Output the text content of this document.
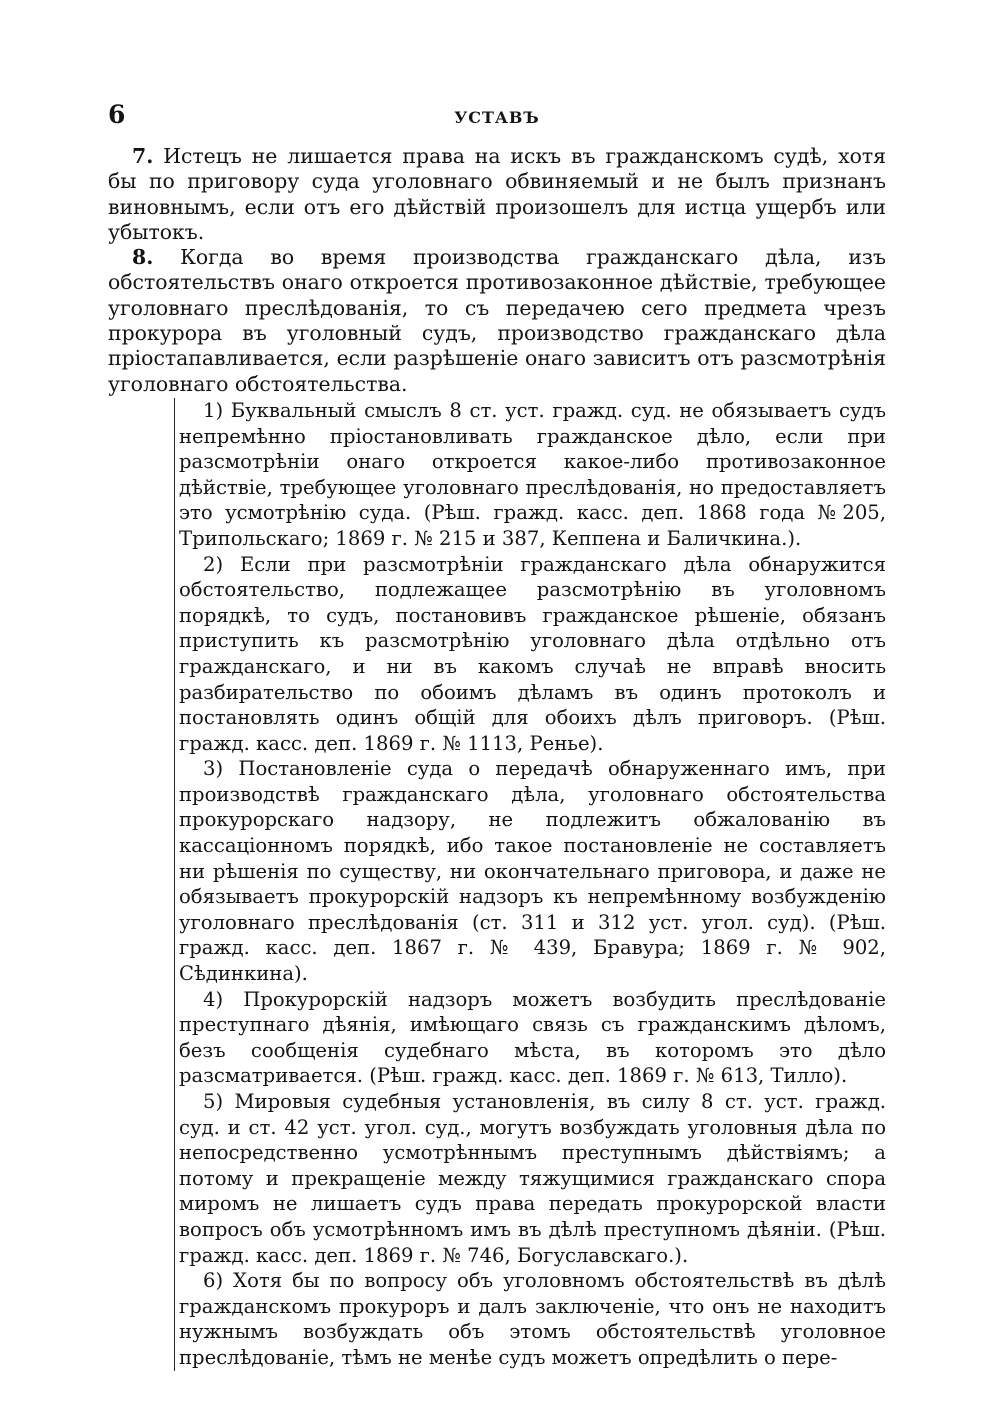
6	УСТАВЪ

7. Истецъ не лишается права на искъ въ гражданскомъ судѣ, хотя бы по приговору суда уголовнаго обвиняемый и не былъ признанъ виновнымъ, если отъ его дѣйствій произошелъ для истца ущербъ или убытокъ.

8. Когда во время производства гражданскаго дѣла, изъ обстоятельствъ онаго откроется противозаконное дѣйствіе, требующее уголовнаго преслѣдованія, то съ передачею сего предмета чрезъ прокурора въ уголовный судъ, производство гражданскаго дѣла пріостапавливается, если разрѣшеніе онаго зависитъ отъ разсмотрѣнія уголовнаго обстоятельства.

1) Буквальный смыслъ 8 ст. уст. гражд. суд. не обязываетъ судъ непремѣнно пріостановливать гражданское дѣло, если при разсмотрѣніи онаго откроется какое-либо противозаконное дѣйствіе, требующее уголовнаго преслѣдованія, но предоставляетъ это усмотрѣнію суда. (Рѣш. гражд. касс. деп. 1868 года №205, Трипольскаго; 1869 г. № 215 и 387, Кеппена и Баличкина.).

2) Если при разсмотрѣніи гражданскаго дѣла обнаружится обстоятельство, подлежащее разсмотрѣнію въ уголовномъ порядкѣ, то судъ, постановивъ гражданское рѣшеніе, обязанъ приступить къ разсмотрѣнію уголовнаго дѣла отдѣльно отъ гражданскаго, и ни въ какомъ случаѣ не вправѣ вносить разбирательство по обоимъ дѣламъ въ одинъ протоколъ и постановлять одинъ общій для обоихъ дѣлъ приговоръ. (Рѣш. гражд. касс. деп. 1869 г. № 1113, Ренье).

3) Постановленіе суда о передачѣ обнаруженнаго имъ, при производствѣ гражданскаго дѣла, уголовнаго обстоятельства прокурорскаго надзору, не подлежитъ обжалованію въ кассаціонномъ порядкѣ, ибо такое постановленіе не составляетъ ни рѣшенія по существу, ни окончательнаго приговора, и даже не обязываетъ прокурорскій надзоръ къ непремѣнному возбужденію уголовнаго преслѣдованія (ст. 311 и 312 уст. угол. суд). (Рѣш. гражд. касс. деп. 1867 г. № 439, Бравура; 1869 г. № 902, Сѣдинкина).

4) Прокурорскій надзоръ можетъ возбудить преслѣдованіе преступнаго дѣянія, имѣющаго связь съ гражданскимъ дѣломъ, безъ сообщенія судебнаго мѣста, въ которомъ это дѣло разсматривается. (Рѣш. гражд. касс. деп. 1869 г. № 613, Тилло).

5) Мировыя судебныя установленія, въ силу 8 ст. уст. гражд. суд. и ст. 42 уст. угол. суд., могутъ возбуждать уголовныя дѣла по непосредственно усмотрѣннымъ преступнымъ дѣйствіямъ; а потому и прекращеніе между тяжущимися гражданскаго спора миромъ не лишаетъ судъ права передать прокурорской власти вопросъ объ усмотрѣнномъ имъ въ дѣлѣ преступномъ дѣяніи. (Рѣш. гражд. касс. деп. 1869 г. № 746, Богуславскаго.).

6) Хотя бы по вопросу объ уголовномъ обстоятельствѣ въ дѣлѣ гражданскомъ прокуроръ и далъ заключеніе, что онъ не находитъ нужнымъ возбуждать объ этомъ обстоятельствѣ уголовное преслѣдованіе, тѣмъ не менѣе судъ можетъ опредѣлить о пере-
